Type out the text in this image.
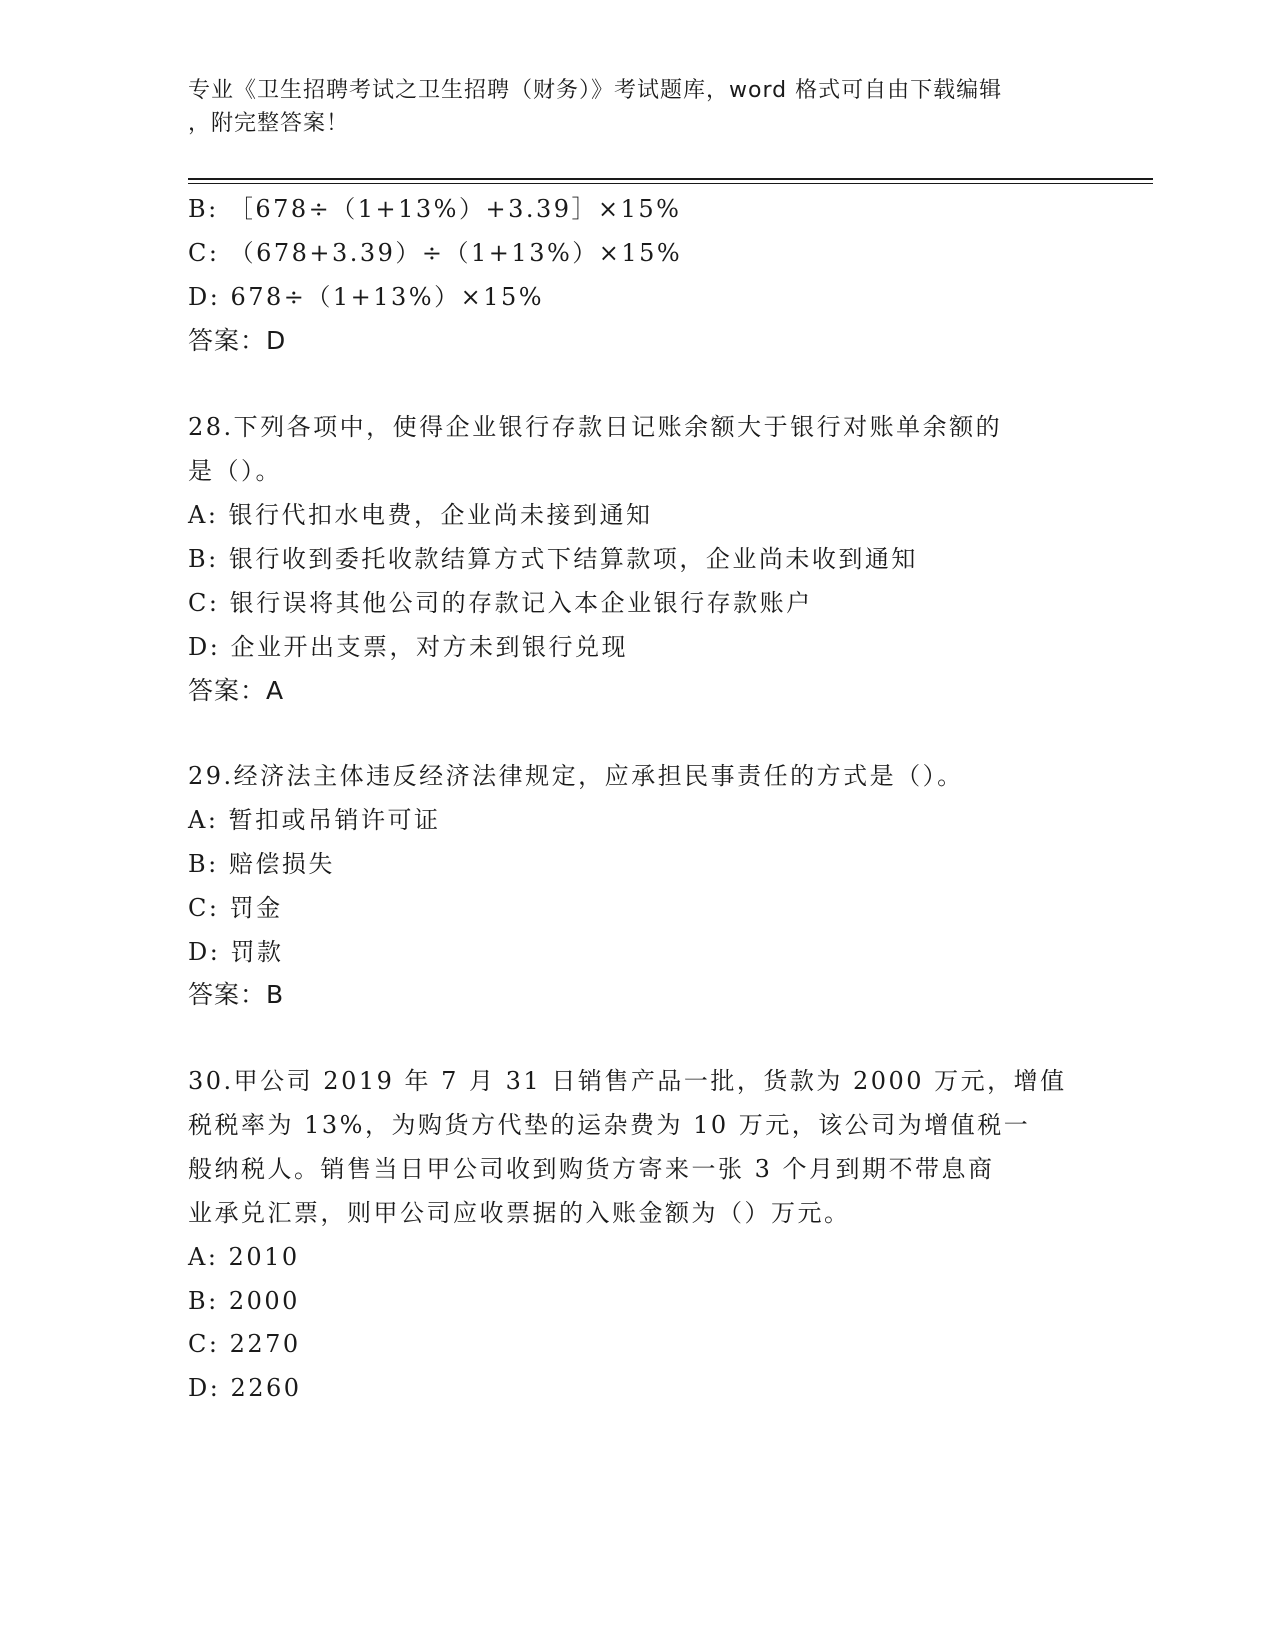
专业《卫生招聘考试之卫生招聘（财务）》考试题库，word 格式可自由下载编辑
，附完整答案！
B: ［678÷（1+13%）+3.39］×15%
C: （678+3.39）÷（1+13%）×15%
D: 678÷（1+13%）×15%
答案：D
28.下列各项中，使得企业银行存款日记账余额大于银行对账单余额的
是（）。
A: 银行代扣水电费，企业尚未接到通知
B: 银行收到委托收款结算方式下结算款项，企业尚未收到通知
C: 银行误将其他公司的存款记入本企业银行存款账户
D: 企业开出支票，对方未到银行兑现
答案：A
29.经济法主体违反经济法律规定，应承担民事责任的方式是（）。
A: 暂扣或吊销许可证
B: 赔偿损失
C: 罚金
D: 罚款
答案：B
30.甲公司 2019 年 7 月 31 日销售产品一批，货款为 2000 万元，增值
税税率为 13%，为购货方代垫的运杂费为 10 万元，该公司为增值税一
般纳税人。销售当日甲公司收到购货方寄来一张 3 个月到期不带息商
业承兑汇票，则甲公司应收票据的入账金额为（）万元。
A: 2010
B: 2000
C: 2270
D: 2260
